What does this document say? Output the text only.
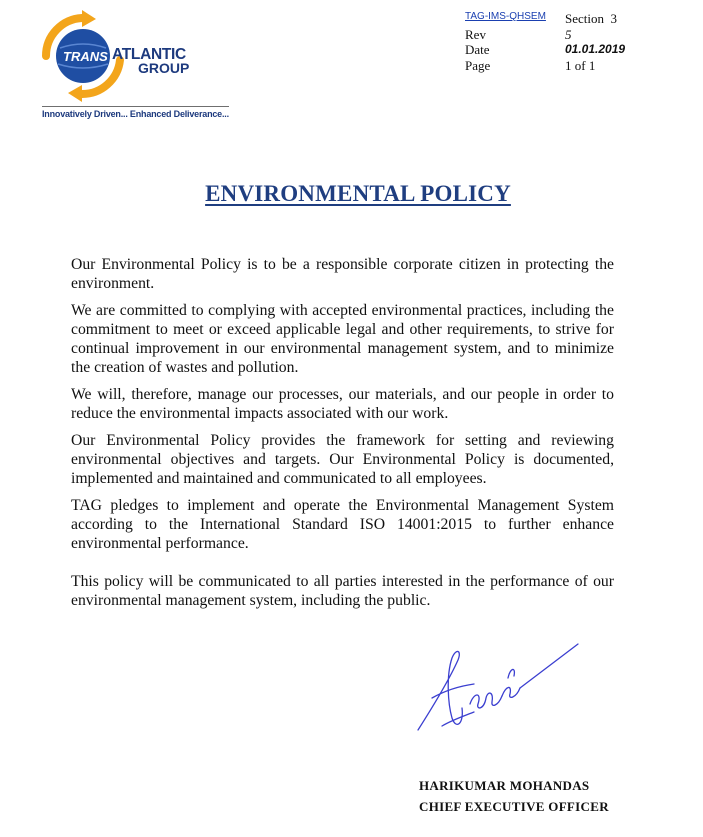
TRANS ATLANTIC
GROUP
Innovatively Driven... Enhanced Deliverance...
TAG-IMS-QHSEM Section 3
Rev	5
Date	01.01.2019
Page	1 of 1
ENVIRONMENTAL POLICY

Our Environmental Policy is to be a responsible corporate citizen in protecting the environment.

We are committed to complying with accepted environmental practices, including the commitment to meet or exceed applicable legal and other requirements, to strive for continual improvement in our environmental management system, and to minimize the creation of wastes and pollution.

We will, therefore, manage our processes, our materials, and our people in order to reduce the environmental impacts associated with our work.

Our Environmental Policy provides the framework for setting and reviewing environmental objectives and targets. Our Environmental Policy is documented, implemented and maintained and communicated to all employees.

TAG pledges to implement and operate the Environmental Management System according to the International Standard ISO 14001:2015 to further enhance environmental performance.

This policy will be communicated to all parties interested in the performance of our environmental management system, including the public.

HARIKUMAR MOHANDAS
CHIEF EXECUTIVE OFFICER
